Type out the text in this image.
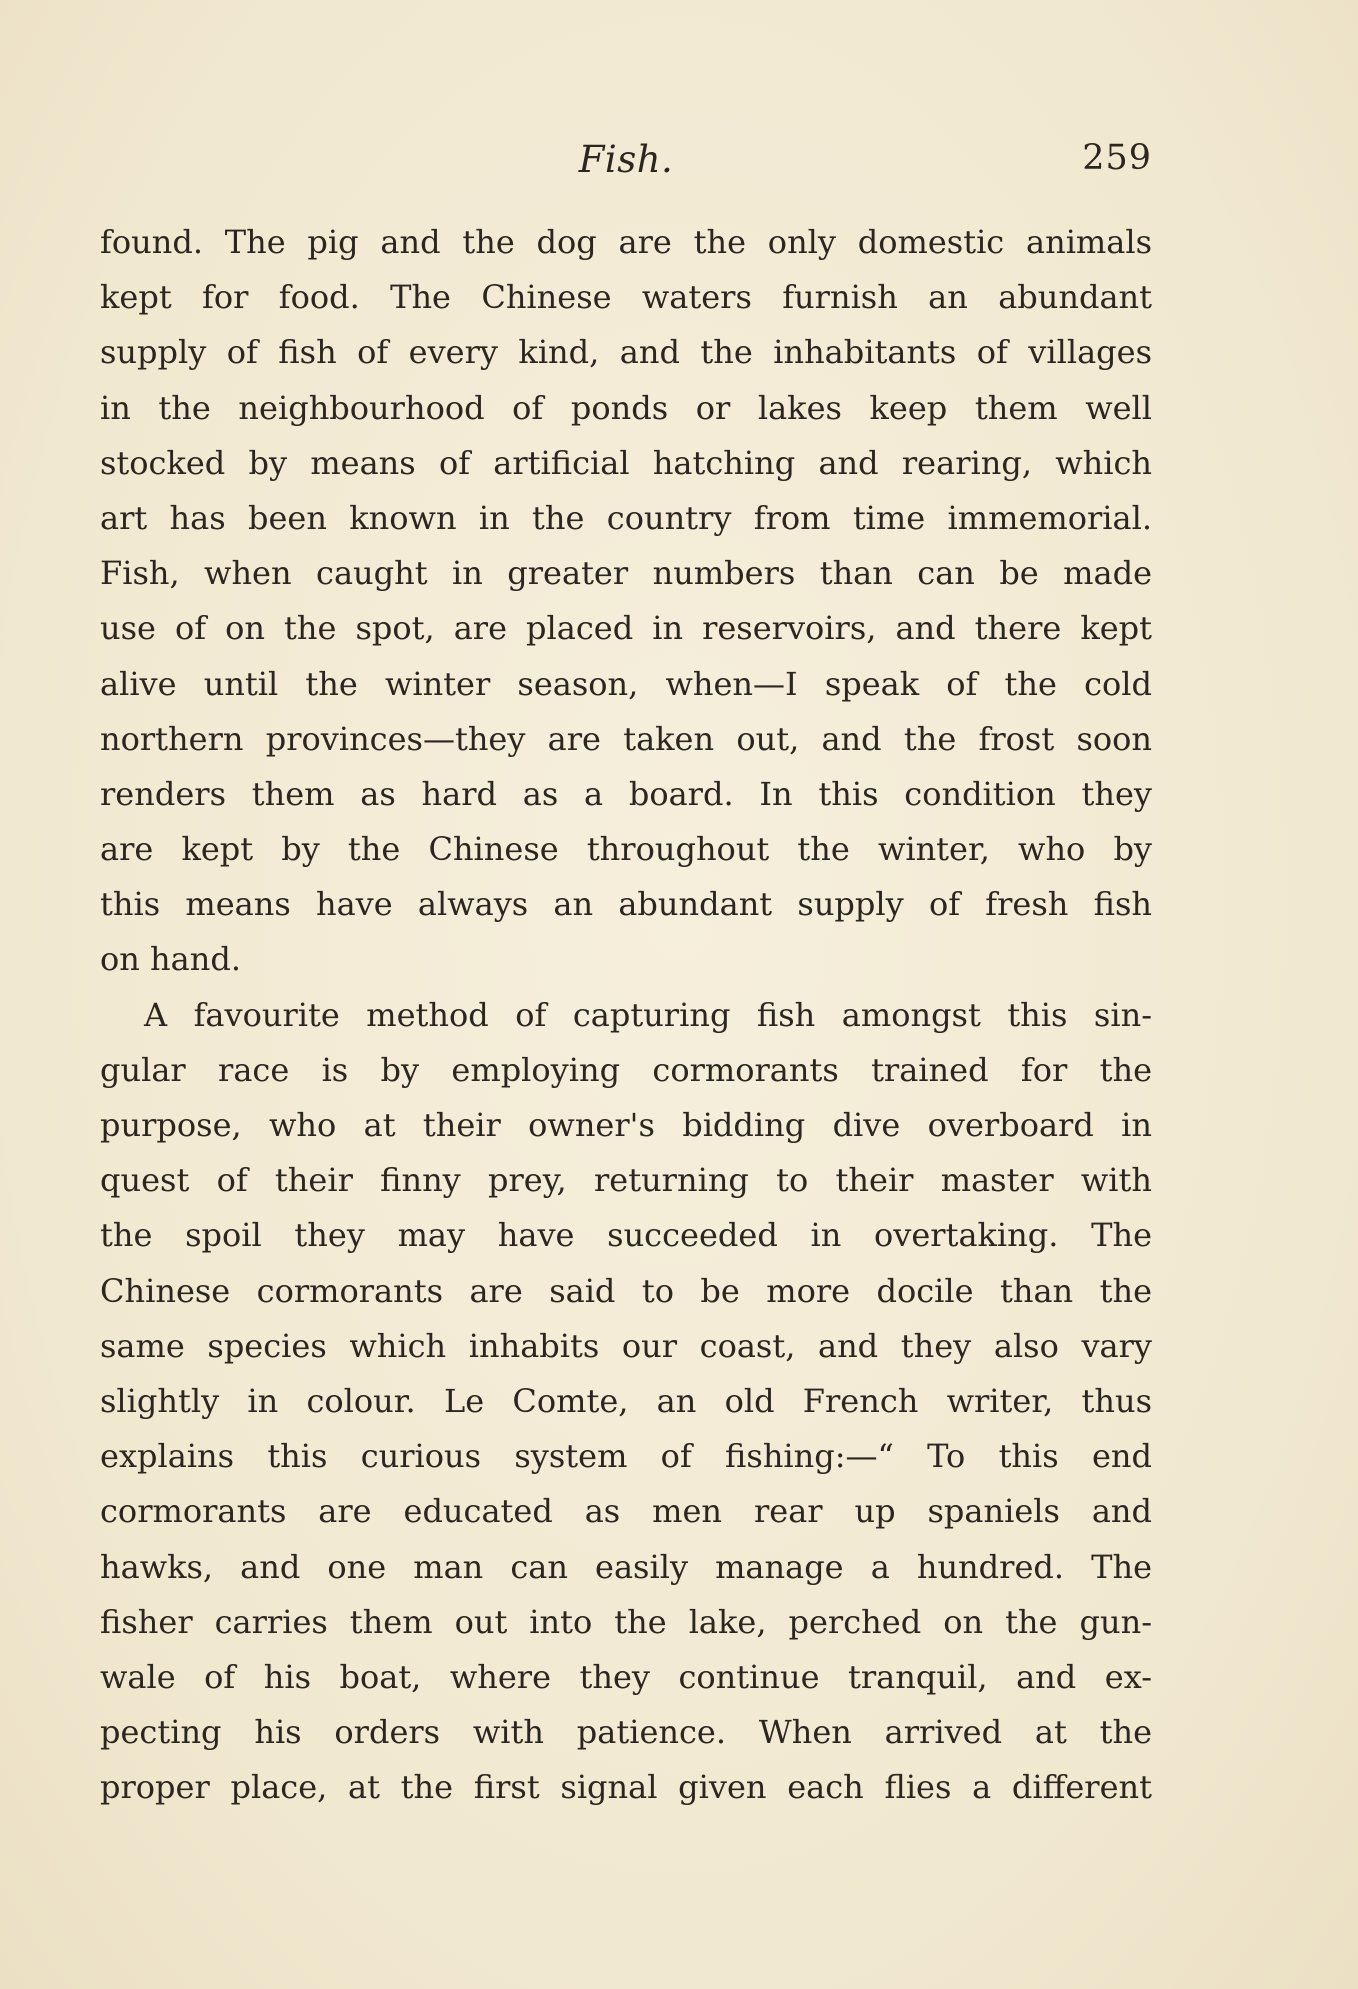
Fish.	259
found. The pig and the dog are the only domestic animals
kept for food. The Chinese waters furnish an abundant
supply of fish of every kind, and the inhabitants of villages
in the neighbourhood of ponds or lakes keep them well
stocked by means of artificial hatching and rearing, which
art has been known in the country from time immemorial.
Fish, when caught in greater numbers than can be made
use of on the spot, are placed in reservoirs, and there kept
alive until the winter season, when—I speak of the cold
northern provinces—they are taken out, and the frost soon
renders them as hard as a board. In this condition they
are kept by the Chinese throughout the winter, who by
this means have always an abundant supply of fresh fish
on hand.
A favourite method of capturing fish amongst this sin-
gular race is by employing cormorants trained for the
purpose, who at their owner's bidding dive overboard in
quest of their finny prey, returning to their master with
the spoil they may have succeeded in overtaking. The
Chinese cormorants are said to be more docile than the
same species which inhabits our coast, and they also vary
slightly in colour. Le Comte, an old French writer, thus
explains this curious system of fishing:—“ To this end
cormorants are educated as men rear up spaniels and
hawks, and one man can easily manage a hundred. The
fisher carries them out into the lake, perched on the gun-
wale of his boat, where they continue tranquil, and ex-
pecting his orders with patience. When arrived at the
proper place, at the first signal given each flies a different
